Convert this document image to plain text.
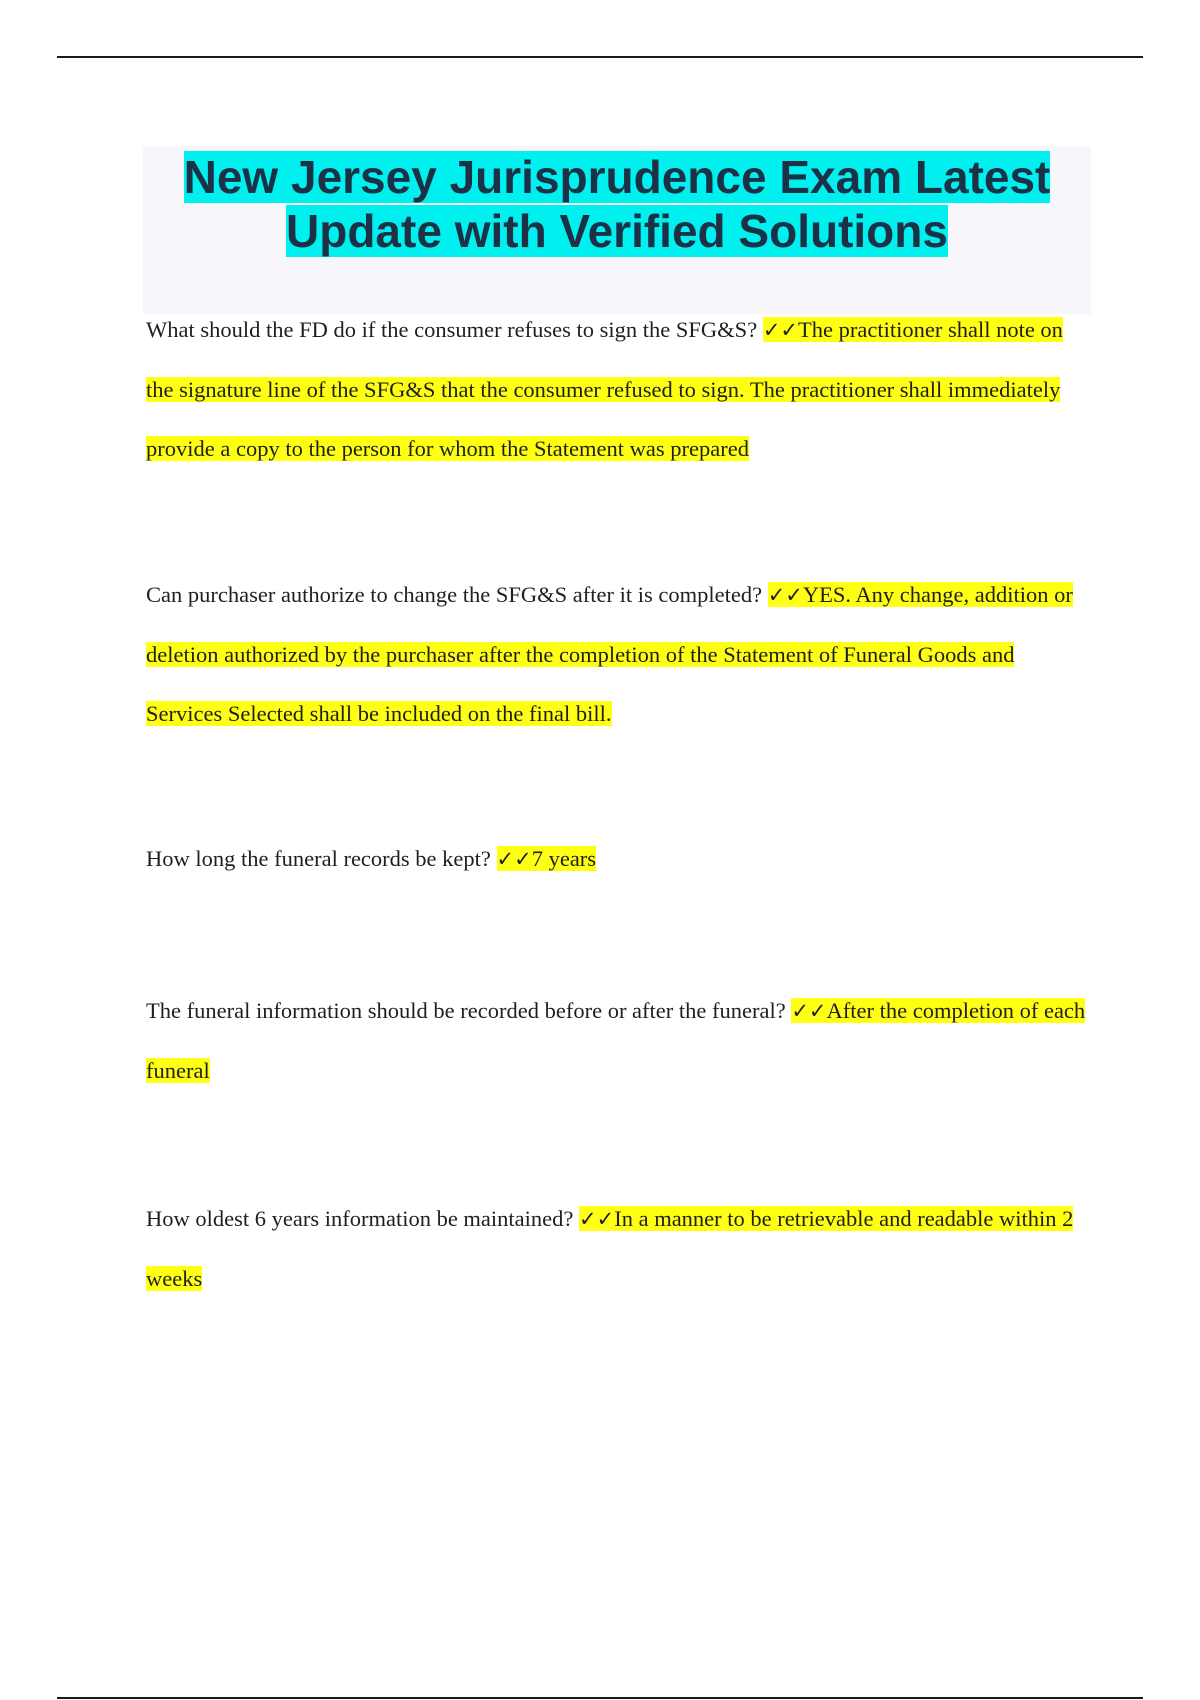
New Jersey Jurisprudence Exam Latest
Update with Verified Solutions

What should the FD do if the consumer refuses to sign the SFG&S? ✓✓The practitioner shall note on the signature line of the SFG&S that the consumer refused to sign. The practitioner shall immediately provide a copy to the person for whom the Statement was prepared

Can purchaser authorize to change the SFG&S after it is completed? ✓✓YES. Any change, addition or deletion authorized by the purchaser after the completion of the Statement of Funeral Goods and Services Selected shall be included on the final bill.

How long the funeral records be kept? ✓✓7 years

The funeral information should be recorded before or after the funeral? ✓✓After the completion of each funeral

How oldest 6 years information be maintained? ✓✓In a manner to be retrievable and readable within 2 weeks
